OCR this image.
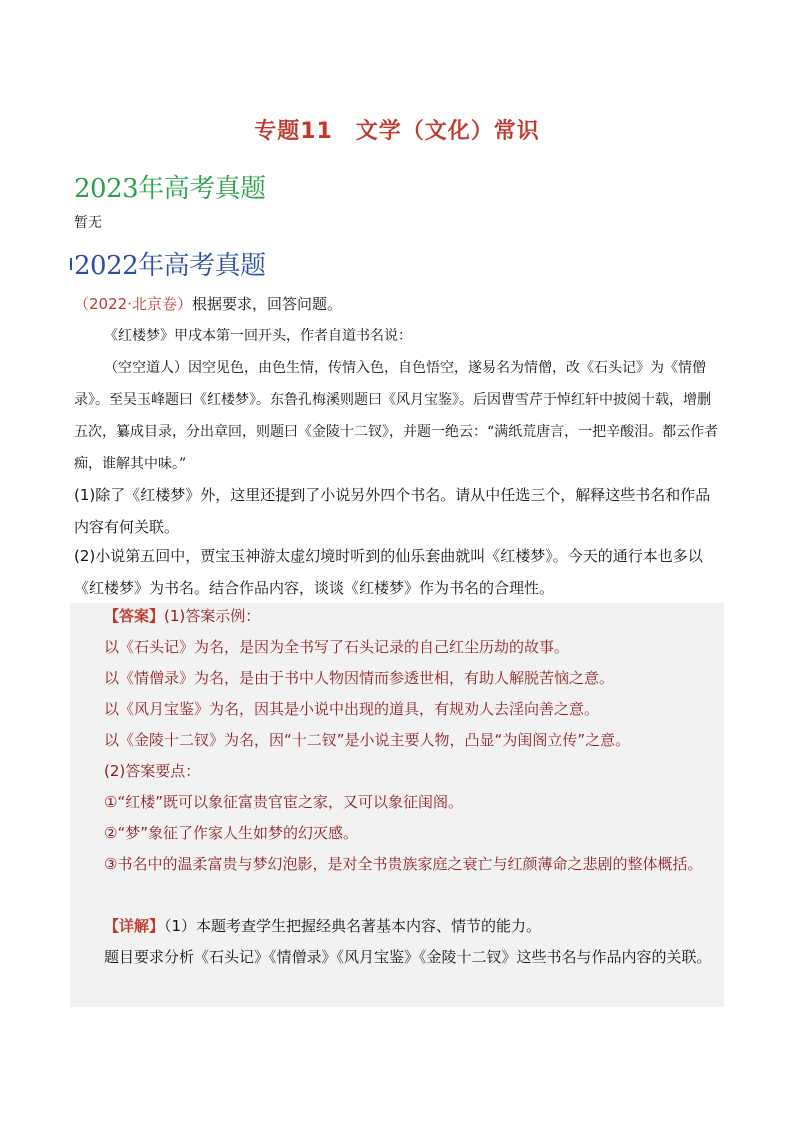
专题11　文学（文化）常识
2023年高考真题
暂无
2022年高考真题

（2022·北京卷）根据要求，回答问题。

《红楼梦》甲戌本第一回开头，作者自道书名说：

（空空道人）因空见色，由色生情，传情入色，自色悟空，遂易名为情僧，改《石头记》为《情僧录》。至吴玉峰题曰《红楼梦》。东鲁孔梅溪则题曰《风月宝鉴》。后因曹雪芹于悼红轩中披阅十载，增删五次，纂成目录，分出章回，则题曰《金陵十二钗》，并题一绝云：“满纸荒唐言，一把辛酸泪。都云作者痴，谁解其中味。”

(1)除了《红楼梦》外，这里还提到了小说另外四个书名。请从中任选三个，解释这些书名和作品内容有何关联。

(2)小说第五回中，贾宝玉神游太虚幻境时听到的仙乐套曲就叫《红楼梦》。今天的通行本也多以《红楼梦》为书名。结合作品内容，谈谈《红楼梦》作为书名的合理性。

【答案】(1)答案示例：

以《石头记》为名，是因为全书写了石头记录的自己红尘历劫的故事。

以《情僧录》为名，是由于书中人物因情而参透世相，有助人解脱苦恼之意。

以《风月宝鉴》为名，因其是小说中出现的道具，有规劝人去淫向善之意。

以《金陵十二钗》为名，因“十二钗”是小说主要人物，凸显“为闺阁立传”之意。

(2)答案要点：

①“红楼”既可以象征富贵官宦之家，又可以象征闺阁。

②“梦”象征了作家人生如梦的幻灭感。

③书名中的温柔富贵与梦幻泡影，是对全书贵族家庭之衰亡与红颜薄命之悲剧的整体概括。

【详解】（1）本题考查学生把握经典名著基本内容、情节的能力。

题目要求分析《石头记》《情僧录》《风月宝鉴》《金陵十二钗》这些书名与作品内容的关联。
